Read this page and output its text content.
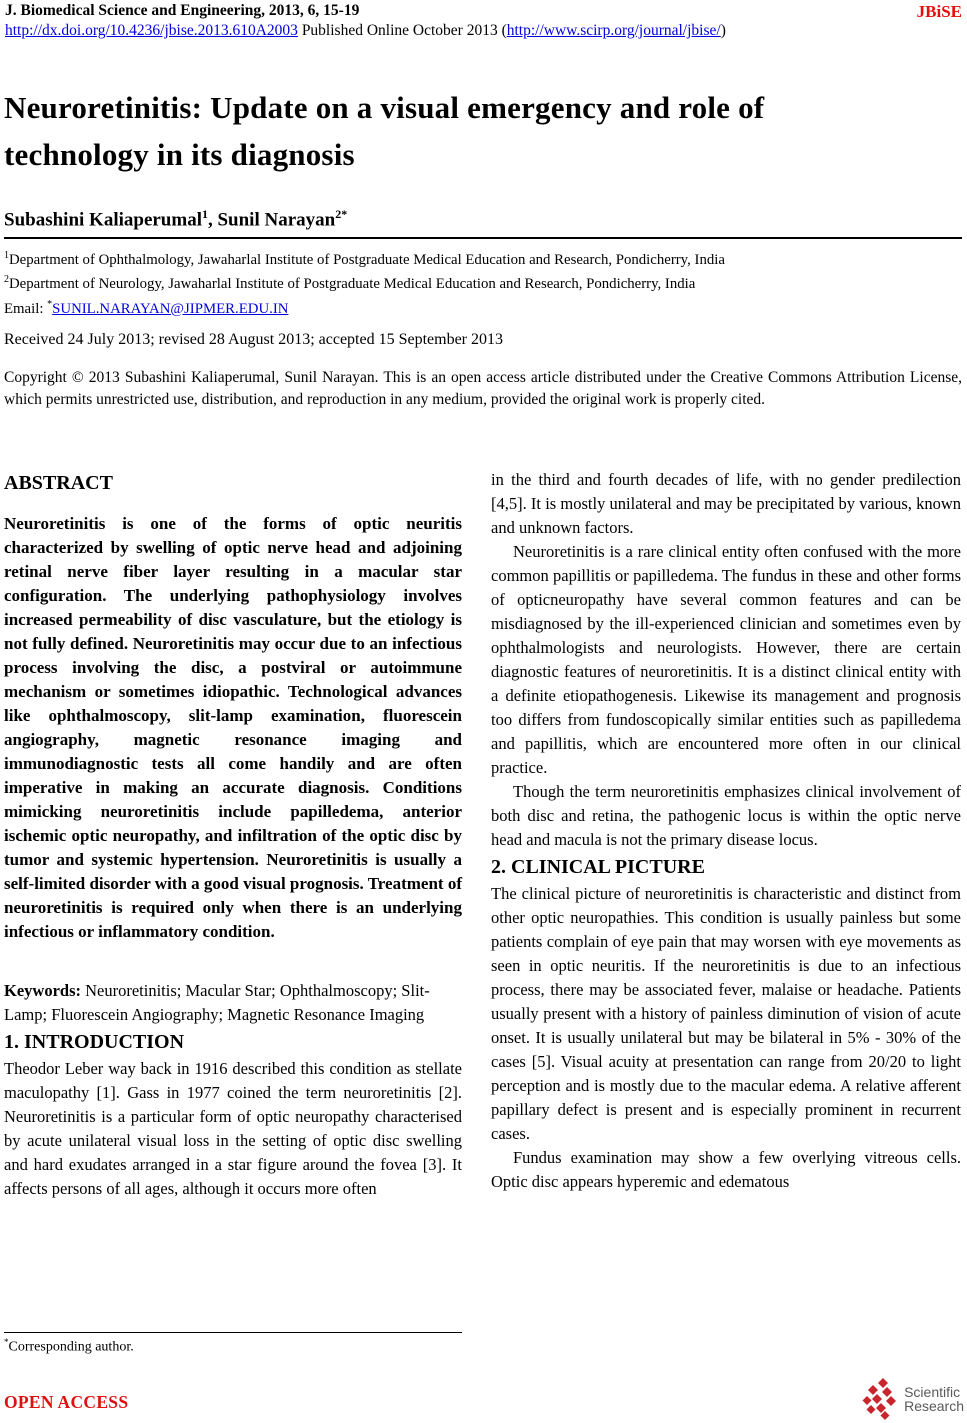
J. Biomedical Science and Engineering, 2013, 6, 15-19	JBiSE
http://dx.doi.org/10.4236/jbise.2013.610A2003 Published Online October 2013 (http://www.scirp.org/journal/jbise/)
Neuroretinitis: Update on a visual emergency and role of
technology in its diagnosis
Subashini Kaliaperumal$^1$, Sunil Narayan$^{2*}$
$^1$Department of Ophthalmology, Jawaharlal Institute of Postgraduate Medical Education and Research, Pondicherry, India
$^2$Department of Neurology, Jawaharlal Institute of Postgraduate Medical Education and Research, Pondicherry, India
Email: *SUNIL.NARAYAN@JIPMER.EDU.IN
Received 24 July 2013; revised 28 August 2013; accepted 15 September 2013
Copyright © 2013 Subashini Kaliaperumal, Sunil Narayan. This is an open access article distributed under the Creative Commons Attribution License, which permits unrestricted use, distribution, and reproduction in any medium, provided the original work is properly cited.
ABSTRACT

Neuroretinitis is one of the forms of optic neuritis characterized by swelling of optic nerve head and adjoining retinal nerve fiber layer resulting in a macular star configuration. The underlying pathophysiology involves increased permeability of disc vasculature, but the etiology is not fully defined. Neuroretinitis may occur due to an infectious process involving the disc, a postviral or autoimmune mechanism or sometimes idiopathic. Technological advances like ophthalmoscopy, slit-lamp examination, fluorescein angiography, magnetic resonance imaging and immunodiagnostic tests all come handily and are often imperative in making an accurate diagnosis. Conditions mimicking neuroretinitis include papilledema, anterior ischemic optic neuropathy, and infiltration of the optic disc by tumor and systemic hypertension. Neuroretinitis is usually a self-limited disorder with a good visual prognosis. Treatment of neuroretinitis is required only when there is an underlying infectious or inflammatory condition.

Keywords: Neuroretinitis; Macular Star; Ophthalmoscopy; Slit-Lamp; Fluorescein Angiography; Magnetic Resonance Imaging
1. INTRODUCTION

Theodor Leber way back in 1916 described this condition as stellate maculopathy [1]. Gass in 1977 coined the term neuroretinitis [2]. Neuroretinitis is a particular form of optic neuropathy characterised by acute unilateral visual loss in the setting of optic disc swelling and hard exudates arranged in a star figure around the fovea [3]. It affects persons of all ages, although it occurs more often

in the third and fourth decades of life, with no gender predilection [4,5]. It is mostly unilateral and may be precipitated by various, known and unknown factors.

Neuroretinitis is a rare clinical entity often confused with the more common papillitis or papilledema. The fundus in these and other forms of opticneuropathy have several common features and can be misdiagnosed by the ill-experienced clinician and sometimes even by ophthalmologists and neurologists. However, there are certain diagnostic features of neuroretinitis. It is a distinct clinical entity with a definite etiopathogenesis. Likewise its management and prognosis too differs from fundoscopically similar entities such as papilledema and papillitis, which are encountered more often in our clinical practice.

Though the term neuroretinitis emphasizes clinical involvement of both disc and retina, the pathogenic locus is within the optic nerve head and macula is not the primary disease locus.

2. CLINICAL PICTURE

The clinical picture of neuroretinitis is characteristic and distinct from other optic neuropathies. This condition is usually painless but some patients complain of eye pain that may worsen with eye movements as seen in optic neuritis. If the neuroretinitis is due to an infectious process, there may be associated fever, malaise or headache. Patients usually present with a history of painless diminution of vision of acute onset. It is usually unilateral but may be bilateral in 5% - 30% of the cases [5]. Visual acuity at presentation can range from 20/20 to light perception and is mostly due to the macular edema. A relative afferent papillary defect is present and is especially prominent in recurrent cases.

Fundus examination may show a few overlying vitreous cells. Optic disc appears hyperemic and edematous

*Corresponding author.
OPEN ACCESS
Scientific
Research
